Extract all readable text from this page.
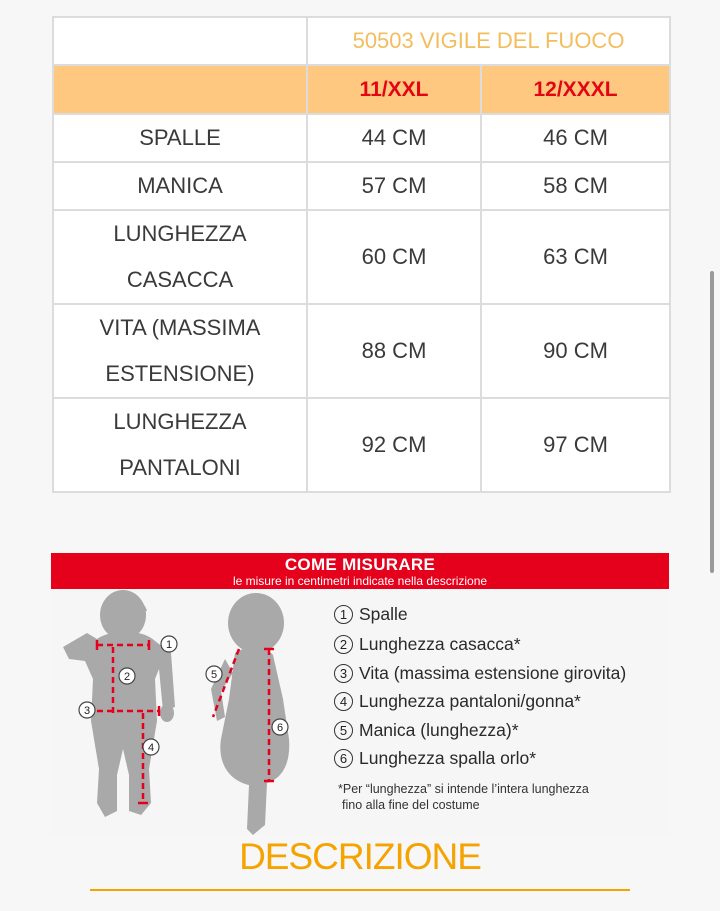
	50503 VIGILE DEL FUOCO	
	11/XXL	12/XXXL
SPALLE	44 CM	46 CM
MANICA	57 CM	58 CM

LUNGHEZZA
CASACCA	60 CM	63 CM

VITA (MASSIMA
ESTENSIONE)	88 CM	90 CM

LUNGHEZZA
PANTALONI	92 CM	97 CM
COME MISURARE
le misure in centimetri indicate nella descrizione
1
2
3
4
5
6
1 Spalle
2 Lunghezza casacca*
3 Vita (massima estensione girovita)
4 Lunghezza pantaloni/gonna*
5 Manica (lunghezza)*
6 Lunghezza spalla orlo*
*Per “lunghezza” si intende l’intera lunghezza
fino alla fine del costume
DESCRIZIONE
